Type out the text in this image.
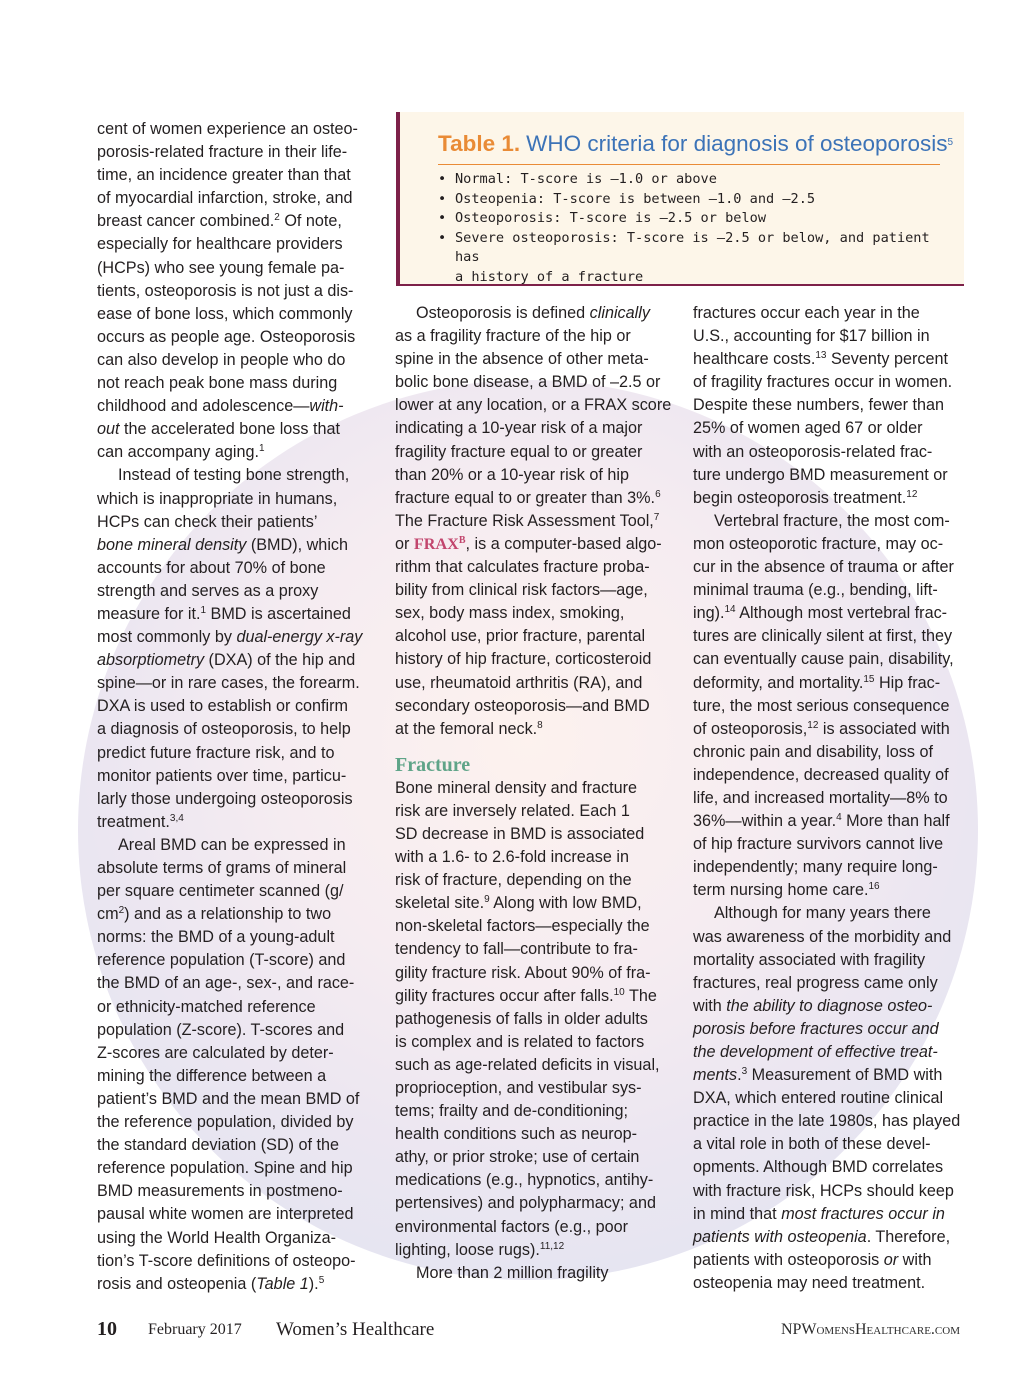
Table 1. WHO criteria for diagnosis of osteoporosis$^5$
• Normal: T-score is –1.0 or above
• Osteopenia: T-score is between –1.0 and –2.5
• Osteoporosis: T-score is –2.5 or below
• Severe osteoporosis: T-score is –2.5 or below, and patient has
a history of a fracture
cent of women experience an osteo-
porosis-related fracture in their life-
time, an incidence greater than that
of myocardial infarction, stroke, and
breast cancer combined.$^2$ Of note,
especially for healthcare providers
(HCPs) who see young female pa-
tients, osteoporosis is not just a dis-
ease of bone loss, which commonly
occurs as people age. Osteoporosis
can also develop in people who do
not reach peak bone mass during
childhood and adolescence—with-
out the accelerated bone loss that
can accompany aging.$^1$
Instead of testing bone strength,
which is inappropriate in humans,
HCPs can check their patients’
bone mineral density (BMD), which
accounts for about 70% of bone
strength and serves as a proxy
measure for it.$^1$ BMD is ascertained
most commonly by dual-energy x-ray
absorptiometry (DXA) of the hip and
spine—or in rare cases, the forearm.
DXA is used to establish or confirm
a diagnosis of osteoporosis, to help
predict future fracture risk, and to
monitor patients over time, particu-
larly those undergoing osteoporosis
treatment.$^{3,4}$
Areal BMD can be expressed in
absolute terms of grams of mineral
per square centimeter scanned (g/
$cm^2$) and as a relationship to two
norms: the BMD of a young-adult
reference population (T-score) and
the BMD of an age-, sex-, and race-
or ethnicity-matched reference
population (Z-score). T-scores and
Z-scores are calculated by deter-
mining the difference between a
patient’s BMD and the mean BMD of
the reference population, divided by
the standard deviation (SD) of the
reference population. Spine and hip
BMD measurements in postmeno-
pausal white women are interpreted
using the World Health Organiza-
tion’s T-score definitions of osteopo-
rosis and osteopenia (Table 1).$^5$
Osteoporosis is defined clinically
as a fragility fracture of the hip or
spine in the absence of other meta-
bolic bone disease, a BMD of –2.5 or
lower at any location, or a FRAX score
indicating a 10-year risk of a major
fragility fracture equal to or greater
than 20% or a 10-year risk of hip
fracture equal to or greater than 3%.$^6$
The Fracture Risk Assessment Tool,$^7$
or $FRAX^B$, is a computer-based algo-
rithm that calculates fracture proba-
bility from clinical risk factors—age,
sex, body mass index, smoking,
alcohol use, prior fracture, parental
history of hip fracture, corticosteroid
use, rheumatoid arthritis (RA), and
secondary osteoporosis—and BMD
at the femoral neck.$^8$
Fracture
Bone mineral density and fracture
risk are inversely related. Each 1
SD decrease in BMD is associated
with a 1.6- to 2.6-fold increase in
risk of fracture, depending on the
skeletal site.$^9$ Along with low BMD,
non-skeletal factors—especially the
tendency to fall—contribute to fra-
gility fracture risk. About 90% of fra-
gility fractures occur after falls.$^{10}$ The
pathogenesis of falls in older adults
is complex and is related to factors
such as age-related deficits in visual,
proprioception, and vestibular sys-
tems; frailty and de-conditioning;
health conditions such as neurop-
athy, or prior stroke; use of certain
medications (e.g., hypnotics, antihy-
pertensives) and polypharmacy; and
environmental factors (e.g., poor
lighting, loose rugs).$^{11,12}$
More than 2 million fragility
fractures occur each year in the
U.S., accounting for $17 billion in
healthcare costs.$^{13}$ Seventy percent
of fragility fractures occur in women.
Despite these numbers, fewer than
25% of women aged 67 or older
with an osteoporosis-related frac-
ture undergo BMD measurement or
begin osteoporosis treatment.$^{12}$
Vertebral fracture, the most com-
mon osteoporotic fracture, may oc-
cur in the absence of trauma or after
minimal trauma (e.g., bending, lift-
ing).$^{14}$ Although most vertebral frac-
tures are clinically silent at first, they
can eventually cause pain, disability,
deformity, and mortality.$^{15}$ Hip frac-
ture, the most serious consequence
of osteoporosis,$^{12}$ is associated with
chronic pain and disability, loss of
independence, decreased quality of
life, and increased mortality—8% to
36%—within a year.$^4$ More than half
of hip fracture survivors cannot live
independently; many require long-
term nursing home care.$^{16}$
Although for many years there
was awareness of the morbidity and
mortality associated with fragility
fractures, real progress came only
with the ability to diagnose osteo-
porosis before fractures occur and
the development of effective treat-
ments.$^3$ Measurement of BMD with
DXA, which entered routine clinical
practice in the late 1980s, has played
a vital role in both of these devel-
opments. Although BMD correlates
with fracture risk, HCPs should keep
in mind that most fractures occur in
patients with osteopenia. Therefore,
patients with osteoporosis or with
osteopenia may need treatment.
10 February 2017 Women’s Healthcare	NPWomensHealthcare.com
